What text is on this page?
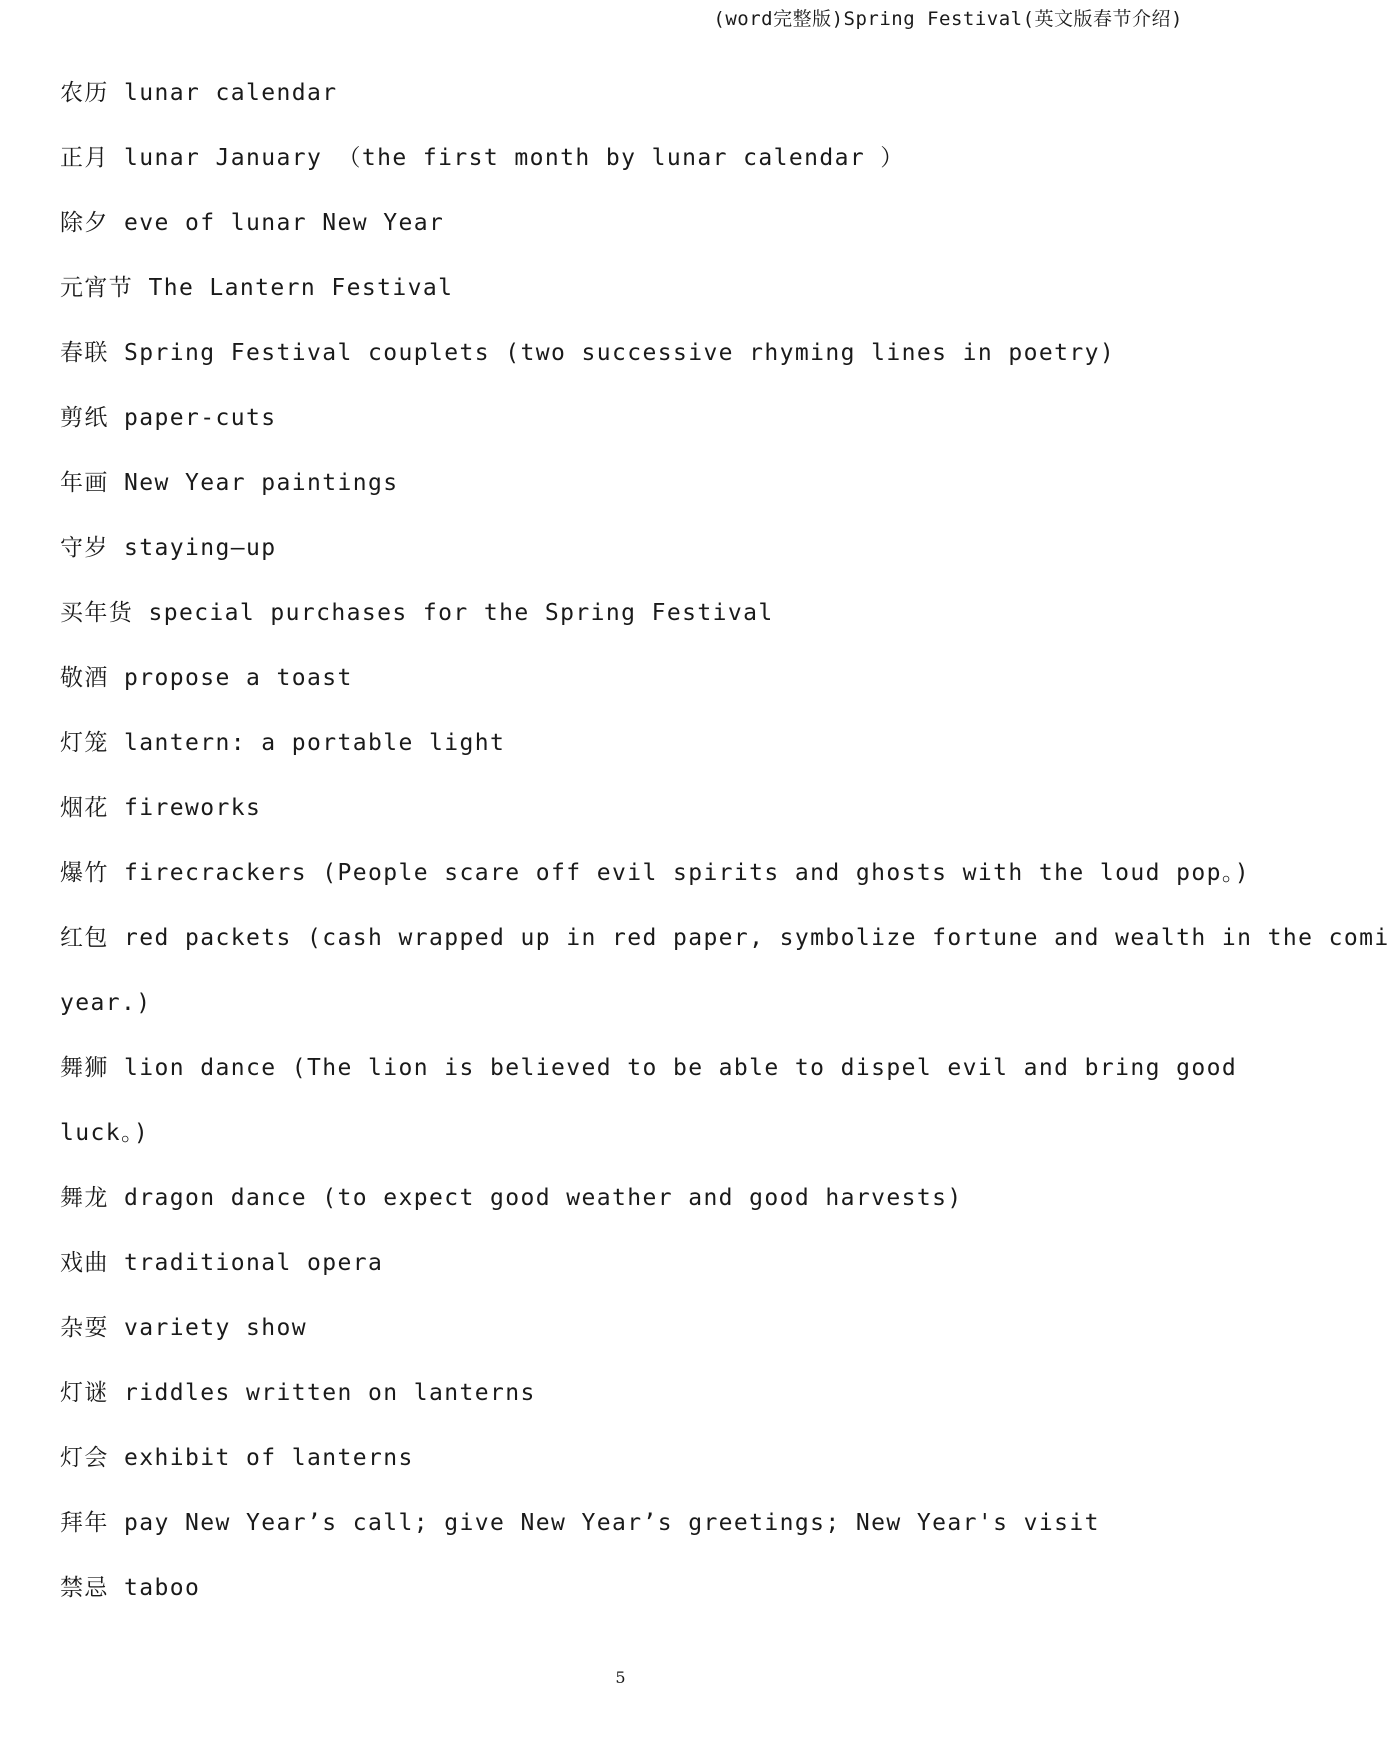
(word完整版)Spring Festival(英文版春节介绍)
农历 lunar calendar
正月 lunar January （the first month by lunar calendar ）
除夕 eve of lunar New Year
元宵节 The Lantern Festival
春联 Spring Festival couplets (two successive rhyming lines in poetry)
剪纸 paper-cuts
年画 New Year paintings
守岁 staying—up
买年货 special purchases for the Spring Festival
敬酒 propose a toast
灯笼 lantern: a portable light
烟花 fireworks
爆竹 firecrackers (People scare off evil spirits and ghosts with the loud pop。)
红包 red packets (cash wrapped up in red paper, symbolize fortune and wealth in the comi
year.)
舞狮 lion dance (The lion is believed to be able to dispel evil and bring good
luck。)
舞龙 dragon dance (to expect good weather and good harvests)
戏曲 traditional opera
杂耍 variety show
灯谜 riddles written on lanterns
灯会 exhibit of lanterns
拜年 pay New Year’s call; give New Year’s greetings; New Year's visit
禁忌 taboo
5
